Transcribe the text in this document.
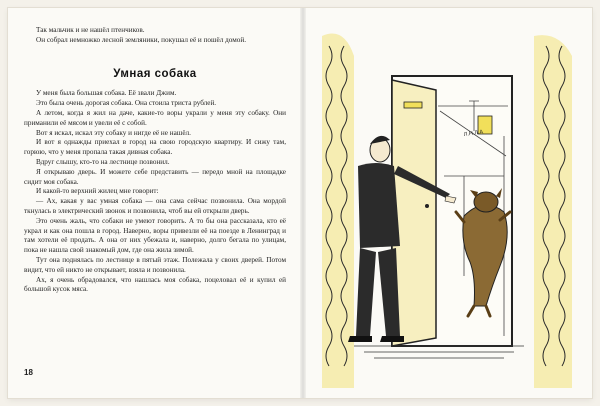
Так мальчик и не нашёл птенчиков.

Он собрал немножко лесной земляники, покушал её и пошёл домой.

Умная собака

У меня была большая собака. Её звали Джим.

Это была очень дорогая собака. Она стоила триста рублей.

А летом, когда я жил на даче, какие-то воры украли у меня эту собаку. Они приманили её мясом и увели её с собой.

Вот я искал, искал эту собаку и нигде её не нашёл.

И вот я однажды приехал в город на свою городскую квартиру. И сижу там, горюю, что у меня пропала такая дивная собака.

Вдруг слышу, кто-то на лестнице позвонил.

Я открываю дверь. И можете себе представить — передо мной на площадке сидит моя собака.

И какой-то верхний жилец мне говорит:

— Ах, какая у вас умная собака — она сама сейчас позвонила. Она мордой ткнулась в электрический звонок и позвонила, чтоб вы ей открыли дверь.

Это очень жаль, что собаки не умеют говорить. А то бы она рассказала, кто её украл и как она пошла в город. Наверно, воры привезли её на поезде в Ленинград и там хотели её продать. А она от них убежала и, наверно, долго бегала по улицам, пока не нашла свой знакомый дом, где она жила зимой.

Тут она поднялась по лестнице в пятый этаж. Полежала у своих дверей. Потом видит, что ей никто не открывает, взяла и позвонила.

Ах, я очень обрадовался, что нашлась моя собака, поцеловал её и купил ей большой кусок мяса.

18
Л.Н.Л.А
